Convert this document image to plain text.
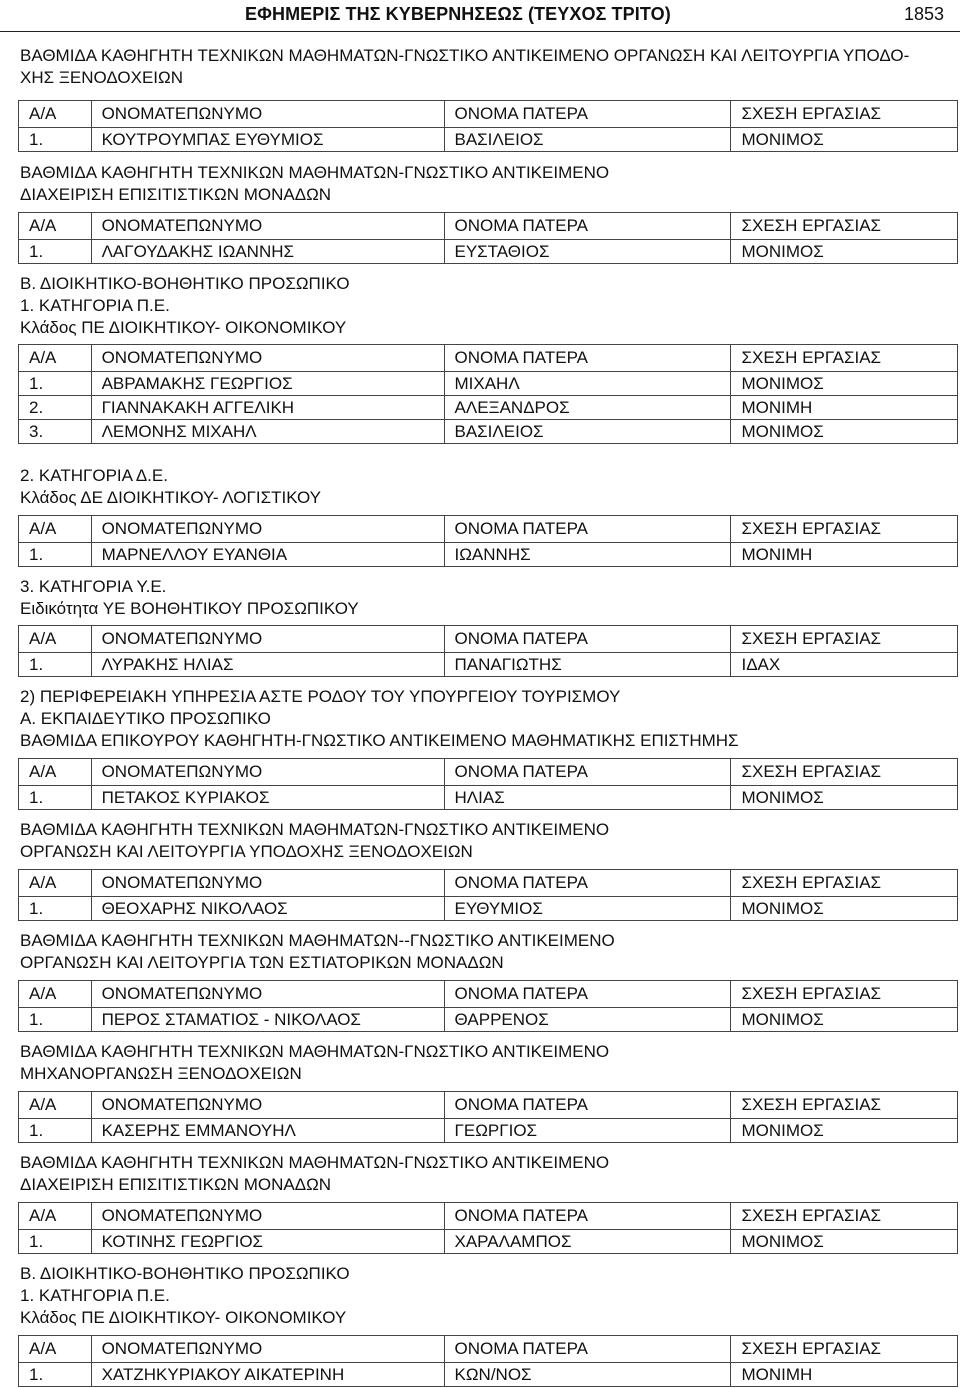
ΕΦΗΜΕΡΙΣ ΤΗΣ ΚΥΒΕΡΝΗΣΕΩΣ (ΤΕΥΧΟΣ ΤΡΙΤΟ)	1853
ΒΑΘΜΙΔΑ ΚΑΘΗΓΗΤΗ ΤΕΧΝΙΚΩΝ ΜΑΘΗΜΑΤΩΝ-ΓΝΩΣΤΙΚΟ ΑΝΤΙΚΕΙΜΕΝΟ ΟΡΓΑΝΩΣΗ ΚΑΙ ΛΕΙΤΟΥΡΓΙΑ ΥΠΟΔΟ-
ΧΗΣ ΞΕΝΟΔΟΧΕΙΩΝ
Α/Α	ΟΝΟΜΑΤΕΠΩΝΥΜΟ	ΟΝΟΜΑ ΠΑΤΕΡΑ	ΣΧΕΣΗ ΕΡΓΑΣΙΑΣ
1.	ΚΟΥΤΡΟΥΜΠΑΣ ΕΥΘΥΜΙΟΣ	ΒΑΣΙΛΕΙΟΣ	ΜΟΝΙΜΟΣ
ΒΑΘΜΙΔΑ ΚΑΘΗΓΗΤΗ ΤΕΧΝΙΚΩΝ ΜΑΘΗΜΑΤΩΝ-ΓΝΩΣΤΙΚΟ ΑΝΤΙΚΕΙΜΕΝΟ
ΔΙΑΧΕΙΡΙΣΗ ΕΠΙΣΙΤΙΣΤΙΚΩΝ ΜΟΝΑΔΩΝ
Α/Α	ΟΝΟΜΑΤΕΠΩΝΥΜΟ	ΟΝΟΜΑ ΠΑΤΕΡΑ	ΣΧΕΣΗ ΕΡΓΑΣΙΑΣ
1.	ΛΑΓΟΥΔΑΚΗΣ ΙΩΑΝΝΗΣ	ΕΥΣΤΑΘΙΟΣ	ΜΟΝΙΜΟΣ
Β. ΔΙΟΙΚΗΤΙΚΟ-ΒΟΗΘΗΤΙΚΟ ΠΡΟΣΩΠΙΚΟ
1. ΚΑΤΗΓΟΡΙΑ Π.Ε.
Κλάδος ΠΕ ΔΙΟΙΚΗΤΙΚΟΥ- ΟΙΚΟΝΟΜΙΚΟΥ
Α/Α	ΟΝΟΜΑΤΕΠΩΝΥΜΟ	ΟΝΟΜΑ ΠΑΤΕΡΑ	ΣΧΕΣΗ ΕΡΓΑΣΙΑΣ
1.	ΑΒΡΑΜΑΚΗΣ ΓΕΩΡΓΙΟΣ	ΜΙΧΑΗΛ	ΜΟΝΙΜΟΣ
2.	ΓΙΑΝΝΑΚΑΚΗ ΑΓΓΕΛΙΚΗ	ΑΛΕΞΑΝΔΡΟΣ	ΜΟΝΙΜΗ
3.	ΛΕΜΟΝΗΣ ΜΙΧΑΗΛ	ΒΑΣΙΛΕΙΟΣ	ΜΟΝΙΜΟΣ
2. ΚΑΤΗΓΟΡΙΑ Δ.Ε.
Κλάδος ΔΕ ΔΙΟΙΚΗΤΙΚΟΥ- ΛΟΓΙΣΤΙΚΟΥ
Α/Α	ΟΝΟΜΑΤΕΠΩΝΥΜΟ	ΟΝΟΜΑ ΠΑΤΕΡΑ	ΣΧΕΣΗ ΕΡΓΑΣΙΑΣ
1.	ΜΑΡΝΕΛΛΟΥ ΕΥΑΝΘΙΑ	ΙΩΑΝΝΗΣ	ΜΟΝΙΜΗ
3. ΚΑΤΗΓΟΡΙΑ Υ.Ε.
Ειδικότητα ΥΕ ΒΟΗΘΗΤΙΚΟΥ ΠΡΟΣΩΠΙΚΟΥ
Α/Α	ΟΝΟΜΑΤΕΠΩΝΥΜΟ	ΟΝΟΜΑ ΠΑΤΕΡΑ	ΣΧΕΣΗ ΕΡΓΑΣΙΑΣ
1.	ΛΥΡΑΚΗΣ ΗΛΙΑΣ	ΠΑΝΑΓΙΩΤΗΣ	ΙΔΑΧ
2) ΠΕΡΙΦΕΡΕΙΑΚΗ ΥΠΗΡΕΣΙΑ ΑΣΤΕ ΡΟΔΟΥ ΤΟΥ ΥΠΟΥΡΓΕΙΟΥ ΤΟΥΡΙΣΜΟΥ
Α. ΕΚΠΑΙΔΕΥΤΙΚΟ ΠΡΟΣΩΠΙΚΟ
ΒΑΘΜΙΔΑ ΕΠΙΚΟΥΡΟΥ ΚΑΘΗΓΗΤΗ-ΓΝΩΣΤΙΚΟ ΑΝΤΙΚΕΙΜΕΝΟ ΜΑΘΗΜΑΤΙΚΗΣ ΕΠΙΣΤΗΜΗΣ
Α/Α	ΟΝΟΜΑΤΕΠΩΝΥΜΟ	ΟΝΟΜΑ ΠΑΤΕΡΑ	ΣΧΕΣΗ ΕΡΓΑΣΙΑΣ
1.	ΠΕΤΑΚΟΣ ΚΥΡΙΑΚΟΣ	ΗΛΙΑΣ	ΜΟΝΙΜΟΣ
ΒΑΘΜΙΔΑ ΚΑΘΗΓΗΤΗ ΤΕΧΝΙΚΩΝ ΜΑΘΗΜΑΤΩΝ-ΓΝΩΣΤΙΚΟ ΑΝΤΙΚΕΙΜΕΝΟ
ΟΡΓΑΝΩΣΗ ΚΑΙ ΛΕΙΤΟΥΡΓΙΑ ΥΠΟΔΟΧΗΣ ΞΕΝΟΔΟΧΕΙΩΝ
Α/Α	ΟΝΟΜΑΤΕΠΩΝΥΜΟ	ΟΝΟΜΑ ΠΑΤΕΡΑ	ΣΧΕΣΗ ΕΡΓΑΣΙΑΣ
1.	ΘΕΟΧΑΡΗΣ ΝΙΚΟΛΑΟΣ	ΕΥΘΥΜΙΟΣ	ΜΟΝΙΜΟΣ
ΒΑΘΜΙΔΑ ΚΑΘΗΓΗΤΗ ΤΕΧΝΙΚΩΝ ΜΑΘΗΜΑΤΩΝ--ΓΝΩΣΤΙΚΟ ΑΝΤΙΚΕΙΜΕΝΟ
ΟΡΓΑΝΩΣΗ ΚΑΙ ΛΕΙΤΟΥΡΓΙΑ ΤΩΝ ΕΣΤΙΑΤΟΡΙΚΩΝ ΜΟΝΑΔΩΝ
Α/Α	ΟΝΟΜΑΤΕΠΩΝΥΜΟ	ΟΝΟΜΑ ΠΑΤΕΡΑ	ΣΧΕΣΗ ΕΡΓΑΣΙΑΣ
1.	ΠΕΡΟΣ ΣΤΑΜΑΤΙΟΣ - ΝΙΚΟΛΑΟΣ	ΘΑΡΡΕΝΟΣ	ΜΟΝΙΜΟΣ
ΒΑΘΜΙΔΑ ΚΑΘΗΓΗΤΗ ΤΕΧΝΙΚΩΝ ΜΑΘΗΜΑΤΩΝ-ΓΝΩΣΤΙΚΟ ΑΝΤΙΚΕΙΜΕΝΟ
ΜΗΧΑΝΟΡΓΑΝΩΣΗ ΞΕΝΟΔΟΧΕΙΩΝ
Α/Α	ΟΝΟΜΑΤΕΠΩΝΥΜΟ	ΟΝΟΜΑ ΠΑΤΕΡΑ	ΣΧΕΣΗ ΕΡΓΑΣΙΑΣ
1.	ΚΑΣΕΡΗΣ ΕΜΜΑΝΟΥΗΛ	ΓΕΩΡΓΙΟΣ	ΜΟΝΙΜΟΣ
ΒΑΘΜΙΔΑ ΚΑΘΗΓΗΤΗ ΤΕΧΝΙΚΩΝ ΜΑΘΗΜΑΤΩΝ-ΓΝΩΣΤΙΚΟ ΑΝΤΙΚΕΙΜΕΝΟ
ΔΙΑΧΕΙΡΙΣΗ ΕΠΙΣΙΤΙΣΤΙΚΩΝ ΜΟΝΑΔΩΝ
Α/Α	ΟΝΟΜΑΤΕΠΩΝΥΜΟ	ΟΝΟΜΑ ΠΑΤΕΡΑ	ΣΧΕΣΗ ΕΡΓΑΣΙΑΣ
1.	ΚΟΤΙΝΗΣ ΓΕΩΡΓΙΟΣ	ΧΑΡΑΛΑΜΠΟΣ	ΜΟΝΙΜΟΣ
Β. ΔΙΟΙΚΗΤΙΚΟ-ΒΟΗΘΗΤΙΚΟ ΠΡΟΣΩΠΙΚΟ
1. ΚΑΤΗΓΟΡΙΑ Π.Ε.
Κλάδος ΠΕ ΔΙΟΙΚΗΤΙΚΟΥ- ΟΙΚΟΝΟΜΙΚΟΥ
Α/Α	ΟΝΟΜΑΤΕΠΩΝΥΜΟ	ΟΝΟΜΑ ΠΑΤΕΡΑ	ΣΧΕΣΗ ΕΡΓΑΣΙΑΣ
1.	ΧΑΤΖΗΚΥΡΙΑΚΟΥ ΑΙΚΑΤΕΡΙΝΗ	ΚΩΝ/ΝΟΣ	ΜΟΝΙΜΗ
